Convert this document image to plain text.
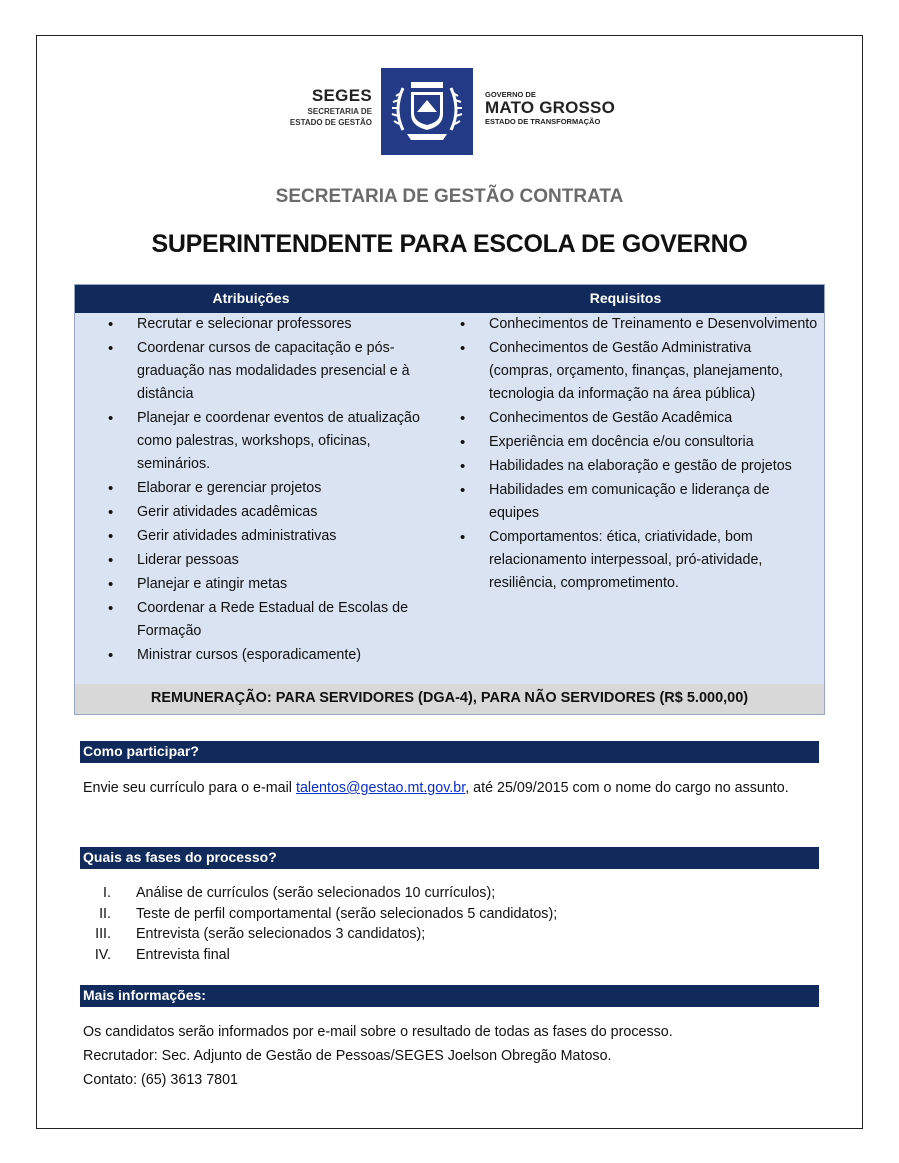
SEGES
SECRETARIA DE
ESTADO DE GESTÃO
GOVERNO DE
MATO GROSSO
ESTADO DE TRANSFORMAÇÃO
SECRETARIA DE GESTÃO CONTRATA
SUPERINTENDENTE PARA ESCOLA DE GOVERNO
Atribuições	Requisitos
• Recrutar e selecionar professores
• Coordenar cursos de capacitação e pós-graduação nas modalidades presencial e à distância
• Planejar e coordenar eventos de atualização como palestras, workshops, oficinas, seminários.
• Elaborar e gerenciar projetos
• Gerir atividades acadêmicas
• Gerir atividades administrativas
• Liderar pessoas
• Planejar e atingir metas
• Coordenar a Rede Estadual de Escolas de Formação
• Ministrar cursos (esporadicamente)
• Conhecimentos de Treinamento e Desenvolvimento
• Conhecimentos de Gestão Administrativa (compras, orçamento, finanças, planejamento, tecnologia da informação na área pública)
• Conhecimentos de Gestão Acadêmica
• Experiência em docência e/ou consultoria
• Habilidades na elaboração e gestão de projetos
• Habilidades em comunicação e liderança de equipes
• Comportamentos: ética, criatividade, bom relacionamento interpessoal, pró-atividade, resiliência, comprometimento.
REMUNERAÇÃO: PARA SERVIDORES (DGA-4), PARA NÃO SERVIDORES (R$ 5.000,00)
Como participar?
Envie seu currículo para o e-mail talentos@gestao.mt.gov.br, até 25/09/2015 com o nome do cargo no assunto.
Quais as fases do processo?
I. Análise de currículos (serão selecionados 10 currículos);
II. Teste de perfil comportamental (serão selecionados 5 candidatos);
III. Entrevista (serão selecionados 3 candidatos);
IV. Entrevista final
Mais informações:
Os candidatos serão informados por e-mail sobre o resultado de todas as fases do processo.
Recrutador: Sec. Adjunto de Gestão de Pessoas/SEGES Joelson Obregão Matoso.
Contato: (65) 3613 7801
